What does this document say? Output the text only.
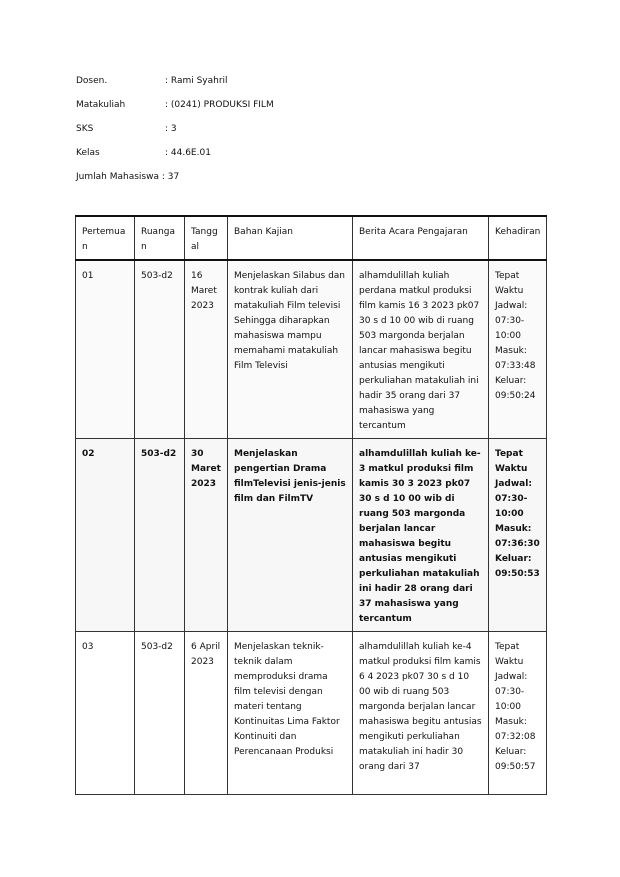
Dosen.	: Rami Syahril
Matakuliah	: (0241) PRODUKSI FILM
SKS	: 3
Kelas	: 44.6E.01
Jumlah Mahasiswa : 37
Pertemuan	Ruangan	Tanggal	Bahan Kajian	Berita Acara Pengajaran	Kehadiran
01	503-d2	16 Maret 2023	Menjelaskan Silabus dan kontrak kuliah dari matakuliah Film televisi Sehingga diharapkan mahasiswa mampu memahami matakuliah Film Televisi	alhamdulillah kuliah perdana matkul produksi film kamis 16 3 2023 pk07 30 s d 10 00 wib di ruang 503 margonda berjalan lancar mahasiswa begitu antusias mengikuti perkuliahan matakuliah ini hadir 35 orang dari 37 mahasiswa yang tercantum	Tepat Waktu Jadwal: 07:30-10:00 Masuk: 07:33:48 Keluar: 09:50:24
02	503-d2	30 Maret 2023	Menjelaskan pengertian Drama filmTelevisi jenis-jenis film dan FilmTV	alhamdulillah kuliah ke-3 matkul produksi film kamis 30 3 2023 pk07 30 s d 10 00 wib di ruang 503 margonda berjalan lancar mahasiswa begitu antusias mengikuti perkuliahan matakuliah ini hadir 28 orang dari 37 mahasiswa yang tercantum	Tepat Waktu Jadwal: 07:30-10:00 Masuk: 07:36:30 Keluar: 09:50:53
03	503-d2	6 April 2023	Menjelaskan teknik-teknik dalam memproduksi drama film televisi dengan materi tentang Kontinuitas Lima Faktor Kontinuiti dan Perencanaan Produksi	alhamdulillah kuliah ke-4 matkul produksi film kamis 6 4 2023 pk07 30 s d 10 00 wib di ruang 503 margonda berjalan lancar mahasiswa begitu antusias mengikuti perkuliahan matakuliah ini hadir 30 orang dari 37	Tepat Waktu Jadwal: 07:30-10:00 Masuk: 07:32:08 Keluar: 09:50:57
